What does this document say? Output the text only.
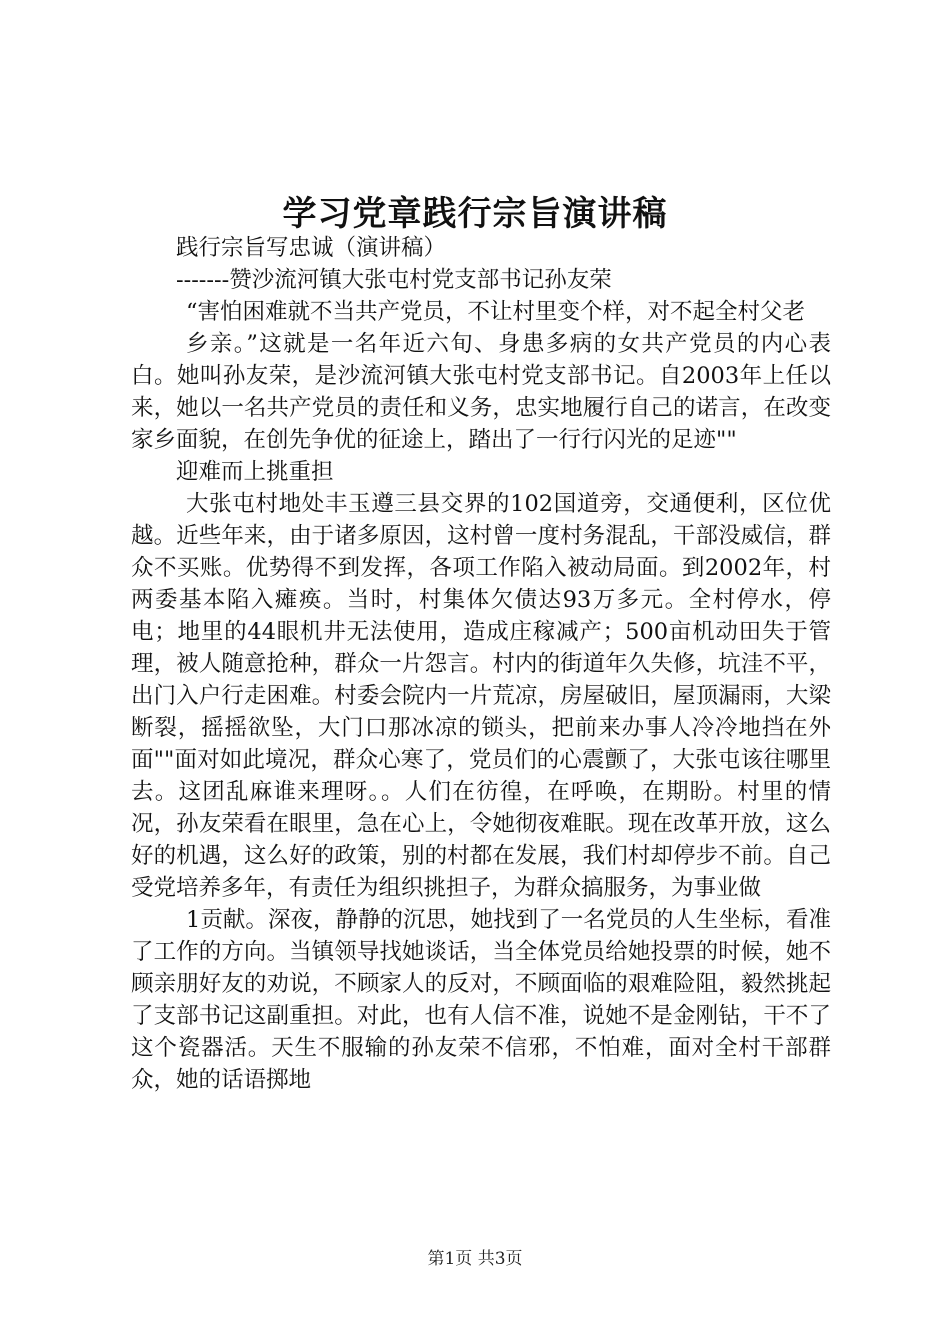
学习党章践行宗旨演讲稿

践行宗旨写忠诚（演讲稿）

-------赞沙流河镇大张屯村党支部书记孙友荣

“害怕困难就不当共产党员，不让村里变个样，对不起全村父老

乡亲。”这就是一名年近六旬、身患多病的女共产党员的内心表白。她叫孙友荣，是沙流河镇大张屯村党支部书记。自2003年上任以来，她以一名共产党员的责任和义务，忠实地履行自己的诺言，在改变家乡面貌，在创先争优的征途上，踏出了一行行闪光的足迹""

迎难而上挑重担

大张屯村地处丰玉遵三县交界的102国道旁，交通便利，区位优越。近些年来，由于诸多原因，这村曾一度村务混乱，干部没威信，群众不买账。优势得不到发挥，各项工作陷入被动局面。到2002年，村两委基本陷入瘫痪。当时，村集体欠债达93万多元。全村停水，停电；地里的44眼机井无法使用，造成庄稼减产；500亩机动田失于管理，被人随意抢种，群众一片怨言。村内的街道年久失修，坑洼不平，出门入户行走困难。村委会院内一片荒凉，房屋破旧，屋顶漏雨，大梁断裂，摇摇欲坠，大门口那冰凉的锁头，把前来办事人冷冷地挡在外面""面对如此境况，群众心寒了，党员们的心震颤了，大张屯该往哪里去。这团乱麻谁来理呀。。人们在彷徨，在呼唤，在期盼。村里的情况，孙友荣看在眼里，急在心上，令她彻夜难眠。现在改革开放，这么好的机遇，这么好的政策，别的村都在发展，我们村却停步不前。自己受党培养多年，有责任为组织挑担子，为群众搞服务，为事业做

1贡献。深夜，静静的沉思，她找到了一名党员的人生坐标，看准了工作的方向。当镇领导找她谈话，当全体党员给她投票的时候，她不顾亲朋好友的劝说，不顾家人的反对，不顾面临的艰难险阻，毅然挑起了支部书记这副重担。对此，也有人信不准，说她不是金刚钻，干不了这个瓷器活。天生不服输的孙友荣不信邪，不怕难，面对全村干部群众，她的话语掷地

第1页 共3页
